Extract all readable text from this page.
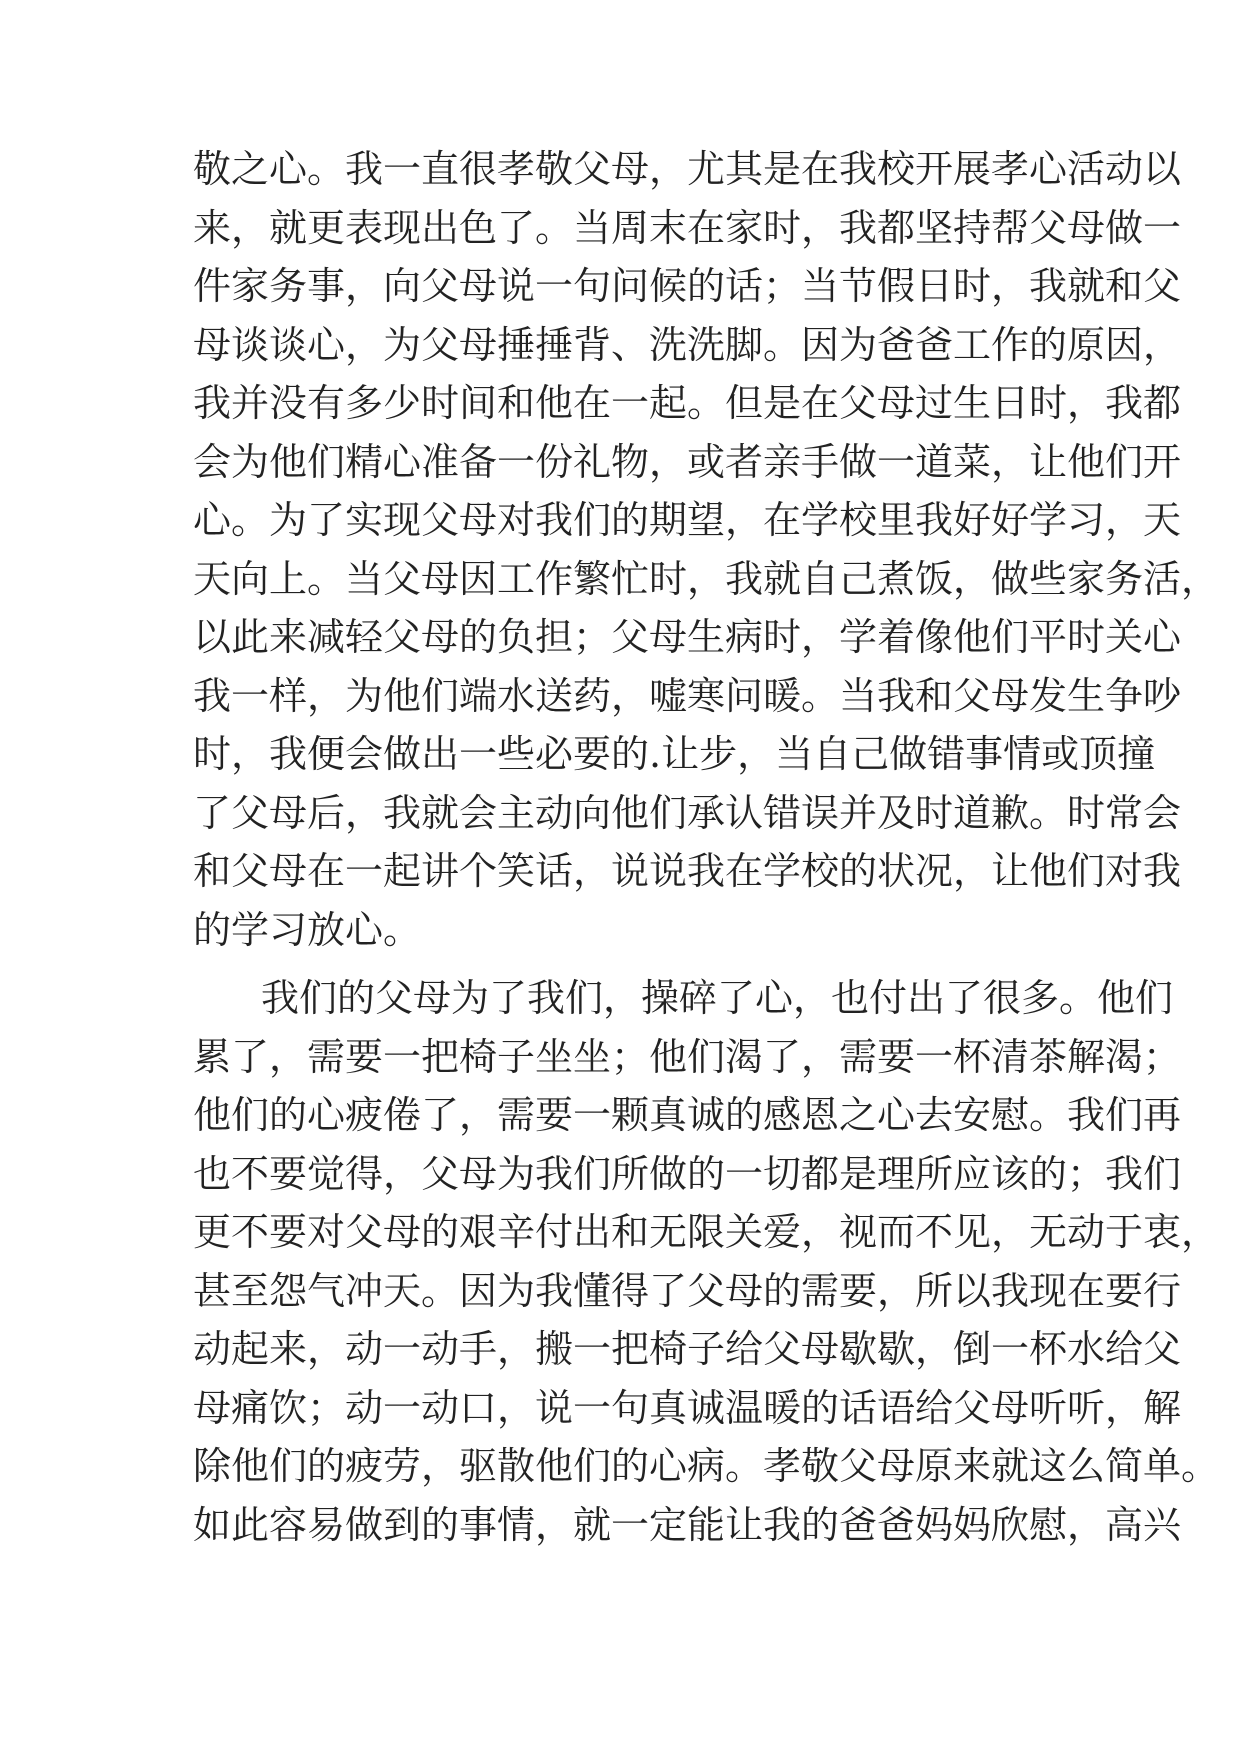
敬之心。我一直很孝敬父母，尤其是在我校开展孝心活动以
来，就更表现出色了。当周末在家时，我都坚持帮父母做一
件家务事，向父母说一句问候的话；当节假日时，我就和父
母谈谈心，为父母捶捶背、洗洗脚。因为爸爸工作的原因，
我并没有多少时间和他在一起。但是在父母过生日时，我都
会为他们精心准备一份礼物，或者亲手做一道菜，让他们开
心。为了实现父母对我们的期望，在学校里我好好学习，天
天向上。当父母因工作繁忙时，我就自己煮饭，做些家务活，
以此来减轻父母的负担；父母生病时，学着像他们平时关心
我一样，为他们端水送药，嘘寒问暖。当我和父母发生争吵
时，我便会做出一些必要的.让步，当自己做错事情或顶撞
了父母后，我就会主动向他们承认错误并及时道歉。时常会
和父母在一起讲个笑话，说说我在学校的状况，让他们对我
的学习放心。
我们的父母为了我们，操碎了心，也付出了很多。他们
累了，需要一把椅子坐坐；他们渴了，需要一杯清茶解渴；
他们的心疲倦了，需要一颗真诚的感恩之心去安慰。我们再
也不要觉得，父母为我们所做的一切都是理所应该的；我们
更不要对父母的艰辛付出和无限关爱，视而不见，无动于衷，
甚至怨气冲天。因为我懂得了父母的需要，所以我现在要行
动起来，动一动手，搬一把椅子给父母歇歇，倒一杯水给父
母痛饮；动一动口，说一句真诚温暖的话语给父母听听，解
除他们的疲劳，驱散他们的心病。孝敬父母原来就这么简单。
如此容易做到的事情，就一定能让我的爸爸妈妈欣慰，高兴
